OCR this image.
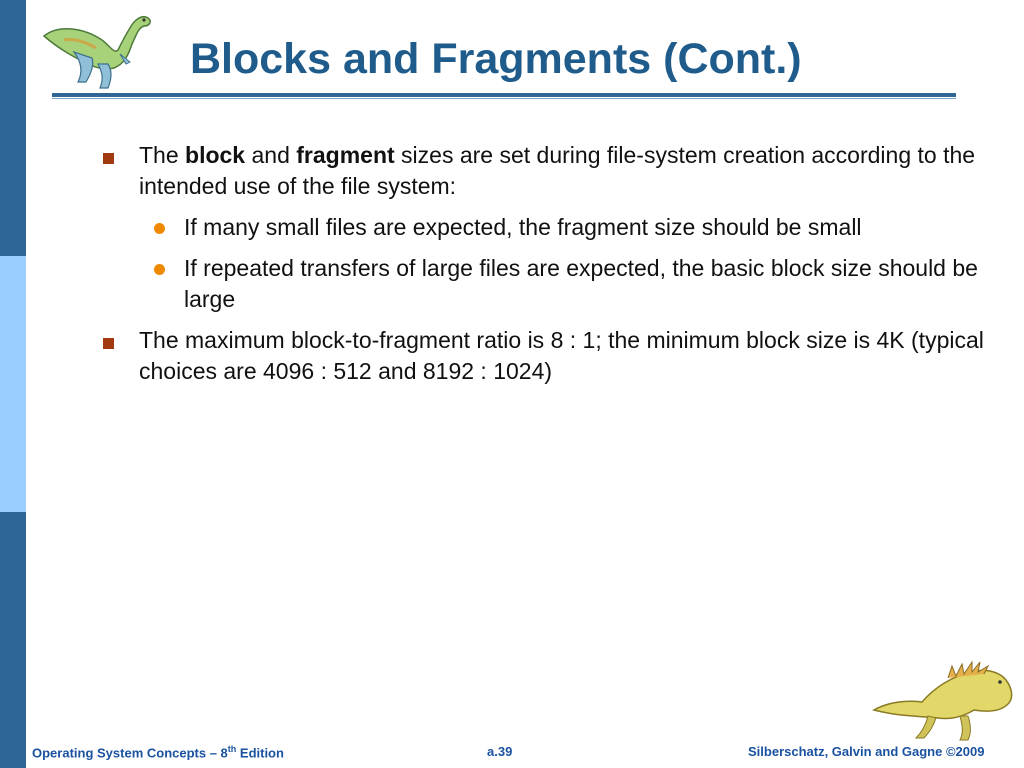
Blocks and Fragments (Cont.)
The block and fragment sizes are set during file-system creation according to the intended use of the file system:
If many small files are expected, the fragment size should be small
If repeated transfers of large files are expected, the basic block size should be large
The maximum block-to-fragment ratio is 8 : 1; the minimum block size is 4K (typical choices are 4096 : 512 and 8192 : 1024)
Operating System Concepts – 8th Edition	a.39	Silberschatz, Galvin and Gagne ©2009
